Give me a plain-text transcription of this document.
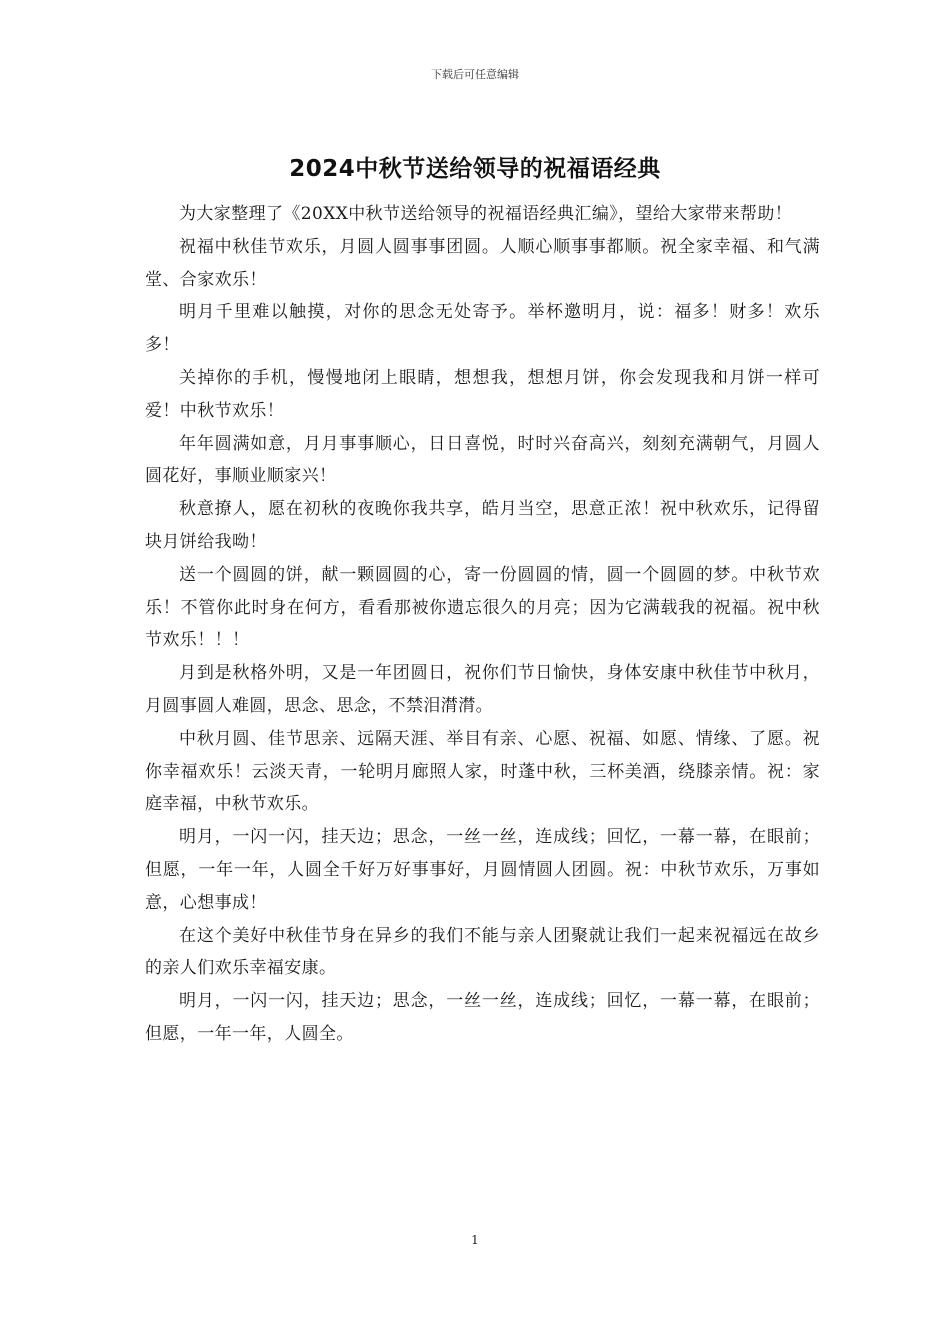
下载后可任意编辑
2024中秋节送给领导的祝福语经典

为大家整理了《20XX中秋节送给领导的祝福语经典汇编》，望给大家带来帮助！

祝福中秋佳节欢乐，月圆人圆事事团圆。人顺心顺事事都顺。祝全家幸福、和气满堂、合家欢乐！

明月千里难以触摸，对你的思念无处寄予。举杯邀明月，说：福多！财多！欢乐多！

关掉你的手机，慢慢地闭上眼睛，想想我，想想月饼，你会发现我和月饼一样可爱！中秋节欢乐！

年年圆满如意，月月事事顺心，日日喜悦，时时兴奋高兴，刻刻充满朝气，月圆人圆花好，事顺业顺家兴！

秋意撩人，愿在初秋的夜晚你我共享，皓月当空，思意正浓！祝中秋欢乐，记得留块月饼给我呦！

送一个圆圆的饼，献一颗圆圆的心，寄一份圆圆的情，圆一个圆圆的梦。中秋节欢乐！不管你此时身在何方，看看那被你遗忘很久的月亮；因为它满载我的祝福。祝中秋节欢乐！！！

月到是秋格外明，又是一年团圆日，祝你们节日愉快，身体安康中秋佳节中秋月，月圆事圆人难圆，思念、思念，不禁泪潸潸。

中秋月圆、佳节思亲、远隔天涯、举目有亲、心愿、祝福、如愿、情缘、了愿。祝你幸福欢乐！云淡天青，一轮明月廊照人家，时蓬中秋，三杯美酒，绕膝亲情。祝：家庭幸福，中秋节欢乐。

明月，一闪一闪，挂天边；思念，一丝一丝，连成线；回忆，一幕一幕，在眼前；但愿，一年一年，人圆全千好万好事事好，月圆情圆人团圆。祝：中秋节欢乐，万事如意，心想事成！

在这个美好中秋佳节身在异乡的我们不能与亲人团聚就让我们一起来祝福远在故乡的亲人们欢乐幸福安康。

明月，一闪一闪，挂天边；思念，一丝一丝，连成线；回忆，一幕一幕，在眼前；但愿，一年一年，人圆全。

1
